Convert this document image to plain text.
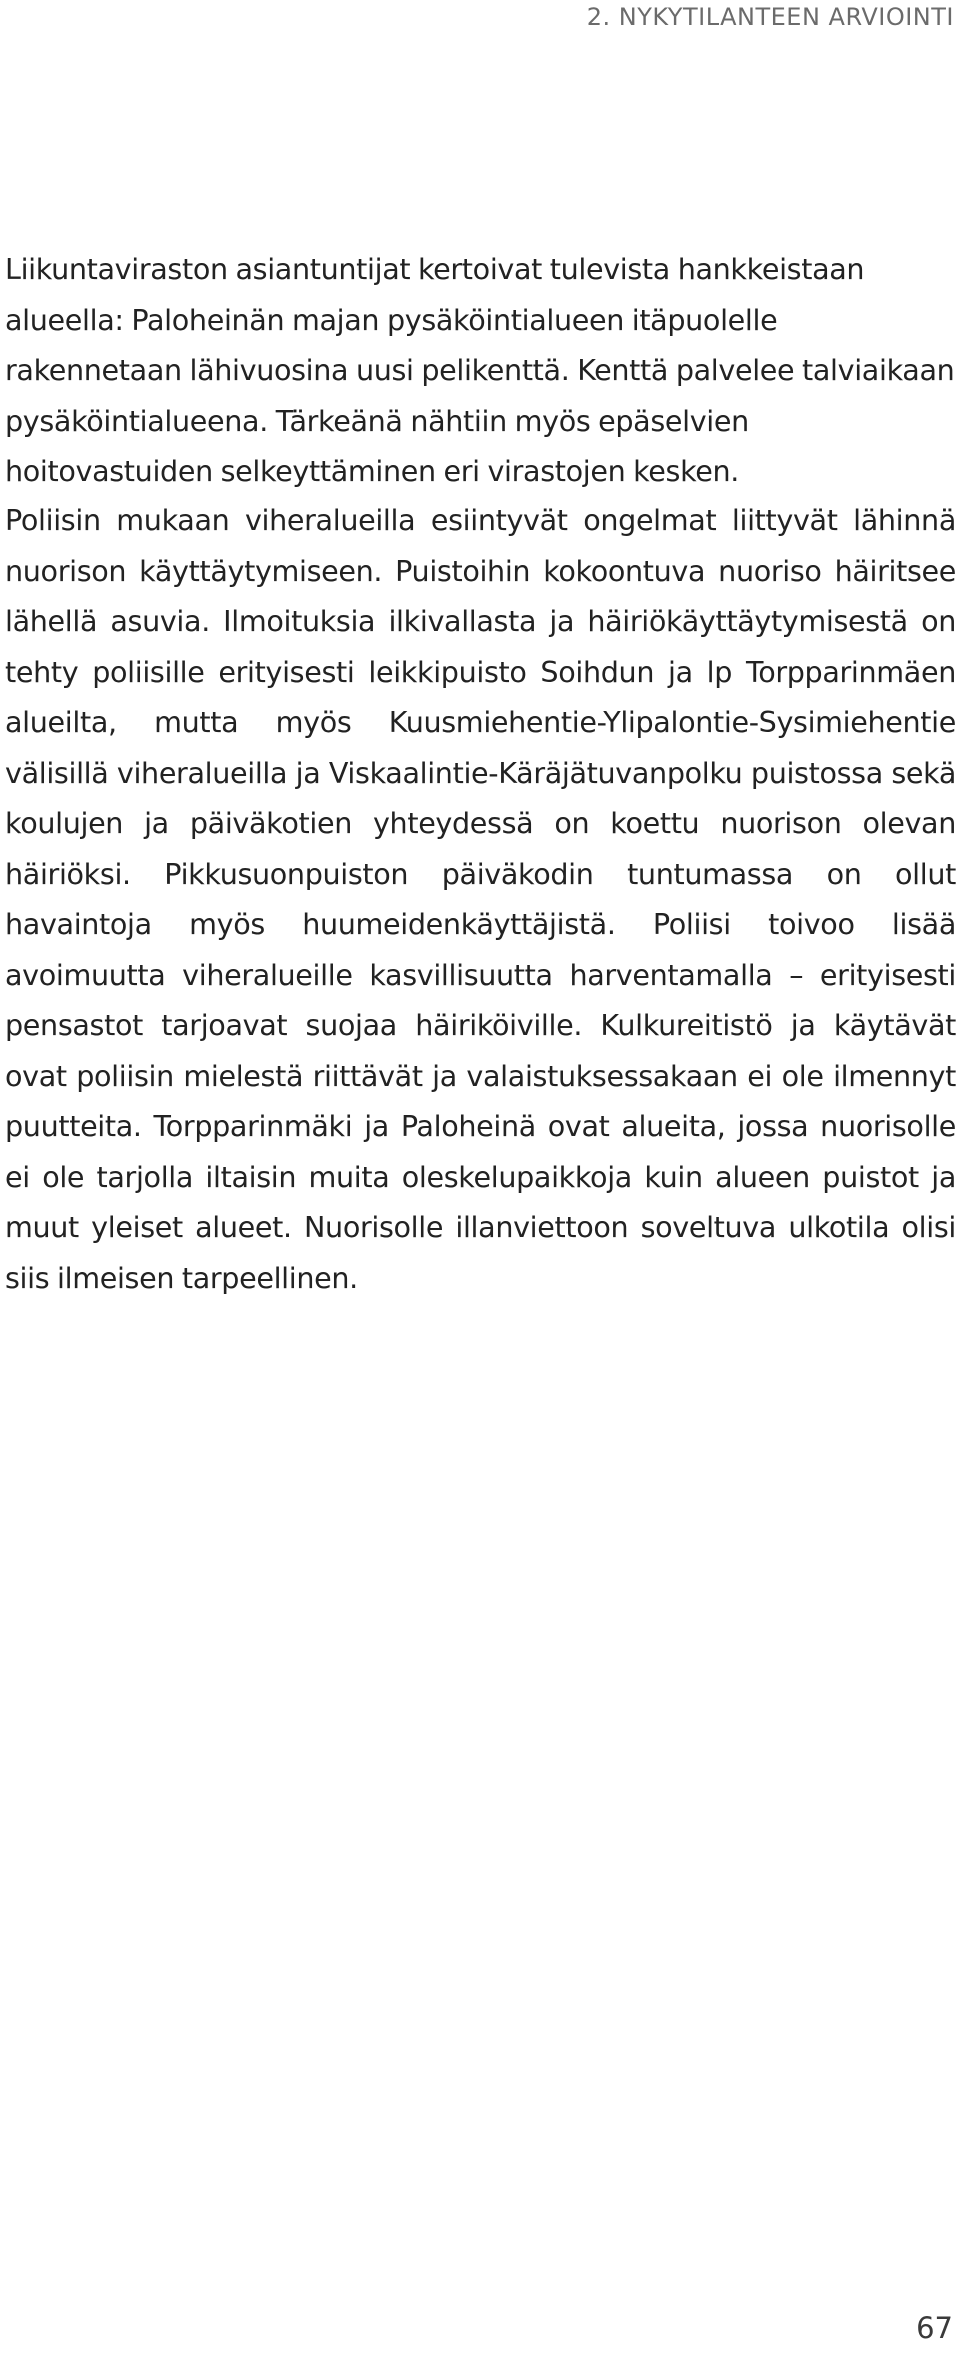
2. NYKYTILANTEEN ARVIOINTI

Liikuntaviraston asiantuntijat kertoivat tulevista hankkeistaan alueella: Paloheinän majan pysäköintialueen itäpuolelle rakennetaan lähivuosina uusi pelikenttä. Kenttä palvelee talviaikaan pysäköintialueena. Tärkeänä nähtiin myös epäselvien hoitovastuiden selkeyttäminen eri virastojen kesken.

Poliisin mukaan viheralueilla esiintyvät ongelmat liittyvät lähinnä nuorison käyttäytymiseen. Puistoihin kokoontuva nuoriso häiritsee lähellä asuvia. Ilmoituksia ilkivallasta ja häiriökäyttäytymisestä on tehty poliisille erityisesti leikkipuisto Soihdun ja lp Torpparinmäen alueilta, mutta myös Kuusmiehentie-Ylipalontie-Sysimiehentie välisillä viheralueilla ja Viskaalintie-Käräjätuvanpolku puistossa sekä koulujen ja päiväkotien yhteydessä on koettu nuorison olevan häiriöksi. Pikkusuonpuiston päiväkodin tuntumassa on ollut havaintoja myös huumeidenkäyttäjistä. Poliisi toivoo lisää avoimuutta viheralueille kasvillisuutta harventamalla – erityisesti pensastot tarjoavat suojaa häiriköiville. Kulkureitistö ja käytävät ovat poliisin mielestä riittävät ja valaistuksessakaan ei ole ilmennyt puutteita. Torpparinmäki ja Paloheinä ovat alueita, jossa nuorisolle ei ole tarjolla iltaisin muita oleskelupaikkoja kuin alueen puistot ja muut yleiset alueet. Nuorisolle illanviettoon soveltuva ulkotila olisi siis ilmeisen tarpeellinen.

67
